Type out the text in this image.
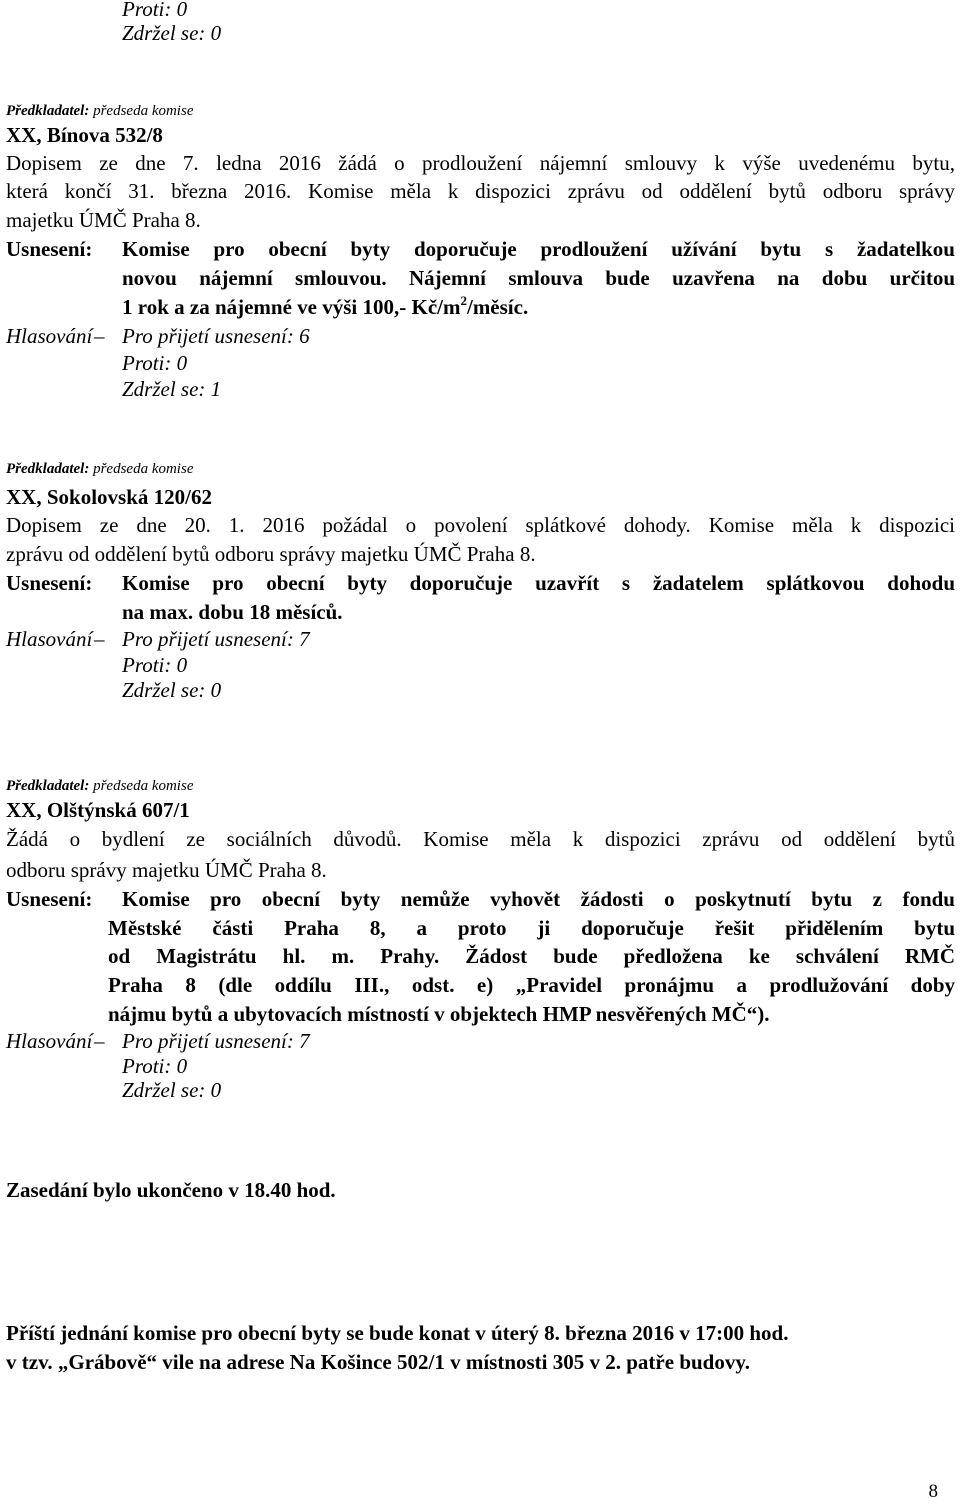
Proti: 0
Zdržel se: 0
Předkladatel: předseda komise
XX, Bínova 532/8
Dopisem ze dne 7. ledna 2016 žádá o prodloužení nájemní smlouvy k výše uvedenému bytu,
která končí 31. března 2016. Komise měla k dispozici zprávu od oddělení bytů odboru správy
majetku ÚMČ Praha 8.
Usnesení: Komise pro obecní byty doporučuje prodloužení užívání bytu s žadatelkou
novou nájemní smlouvou. Nájemní smlouva bude uzavřena na dobu určitou
1 rok a za nájemné ve výši 100,- $Kč/m^2$/měsíc.
Hlasování – Pro přijetí usnesení: 6
Proti: 0
Zdržel se: 1
Předkladatel: předseda komise
XX, Sokolovská 120/62
Dopisem ze dne 20. 1. 2016 požádal o povolení splátkové dohody. Komise měla k dispozici
zprávu od oddělení bytů odboru správy majetku ÚMČ Praha 8.
Usnesení: Komise pro obecní byty doporučuje uzavřít s žadatelem splátkovou dohodu
na max. dobu 18 měsíců.
Hlasování – Pro přijetí usnesení: 7
Proti: 0
Zdržel se: 0
Předkladatel: předseda komise
XX, Olštýnská 607/1
Žádá o bydlení ze sociálních důvodů. Komise měla k dispozici zprávu od oddělení bytů
odboru správy majetku ÚMČ Praha 8.
Usnesení: Komise pro obecní byty nemůže vyhovět žádosti o poskytnutí bytu z fondu
Městské části Praha 8, a proto ji doporučuje řešit přidělením bytu
od Magistrátu hl. m. Prahy. Žádost bude předložena ke schválení RMČ
Praha 8 (dle oddílu III., odst. e) „Pravidel pronájmu a prodlužování doby
nájmu bytů a ubytovacích místností v objektech HMP nesvěřených MČ“).
Hlasování – Pro přijetí usnesení: 7
Proti: 0
Zdržel se: 0
Zasedání bylo ukončeno v 18.40 hod.
Příští jednání komise pro obecní byty se bude konat v úterý 8. března 2016 v 17:00 hod.
v tzv. „Grábově“ vile na adrese Na Košince 502/1 v místnosti 305 v 2. patře budovy.
8
